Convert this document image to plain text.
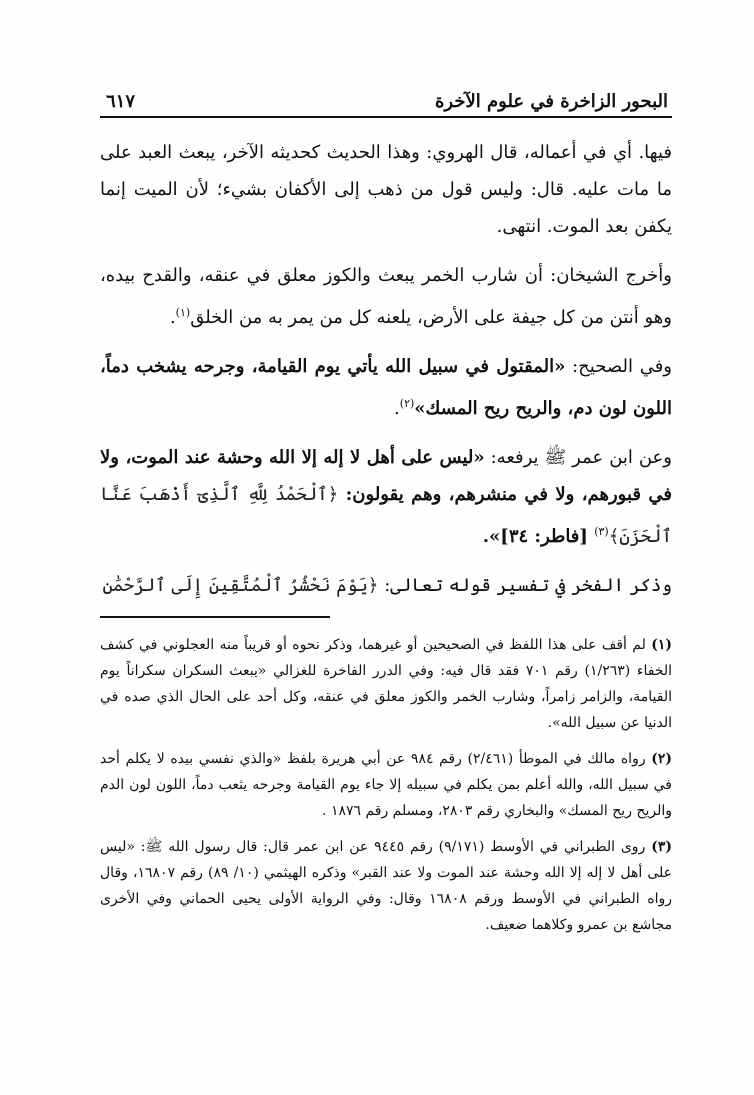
البحور الزاخرة في علوم الآخرة
٦١٧

فيها. أي في أعماله، قال الهروي: وهذا الحديث كحديثه الآخر، يبعث العبد على ما مات عليه. قال: وليس قول من ذهب إلى الأكفان بشيء؛ لأن الميت إنما يكفن بعد الموت. انتهى.

وأخرج الشيخان: أن شارب الخمر يبعث والكوز معلق في عنقه، والقدح بيده، وهو أنتن من كل جيفة على الأرض، يلعنه كل من يمر به من الخلق$^{(١)}$.

وفي الصحيح: «المقتول في سبيل الله يأتي يوم القيامة، وجرحه يشخب دماً، اللون لون دم، والريح ريح المسك»$^{(٢)}$.

وعن ابن عمر ﷺ يرفعه: «ليس على أهل لا إله إلا الله وحشة عند الموت، ولا في قبورهم، ولا في منشرهم، وهم يقولون: ﴿ٱلْحَمْدُ لِلَّهِ ٱلَّذِىٓ أَذْهَبَ عَنَّا ٱلْحَزَنَ﴾$^{(٣)}$ [فاطر: ٣٤]».

وذكر الفخر في تفسير قوله تعالى: ﴿يَوْمَ نَحْشُرُ ٱلْمُتَّقِينَ إِلَى ٱلرَّحْمَٰنِ

(١) لم أقف على هذا اللفظ في الصحيحين أو غيرهما، وذكر نحوه أو قريباً منه العجلوني في كشف الخفاء (١/٢٦٣) رقم ٧٠١ فقد قال فيه: وفي الدرر الفاخرة للغزالي «يبعث السكران سكراناً يوم القيامة، والزامر زامراً، وشارب الخمر والكوز معلق في عنقه، وكل أحد على الحال الذي صده في الدنيا عن سبيل الله».

(٢) رواه مالك في الموطأ (٢/٤٦١) رقم ٩٨٤ عن أبي هريرة بلفظ «والذي نفسي بيده لا يكلم أحد في سبيل الله، والله أعلم بمن يكلم في سبيله إلا جاء يوم القيامة وجرحه يثعب دماً، اللون لون الدم والريح ريح المسك» والبخاري رقم ٢٨٠٣، ومسلم رقم ١٨٧٦ .

(٣) روى الطبراني في الأوسط (٩/١٧١) رقم ٩٤٤٥ عن ابن عمر قال: قال رسول الله ﷺ: «ليس على أهل لا إله إلا الله وحشة عند الموت ولا عند القبر» وذكره الهيثمي (١٠/ ٨٩) رقم ١٦٨٠٧، وقال رواه الطبراني في الأوسط ورقم ١٦٨٠٨ وقال: وفي الرواية الأولى يحيى الحماني وفي الأخرى مجاشع بن عمرو وكلاهما ضعيف.
